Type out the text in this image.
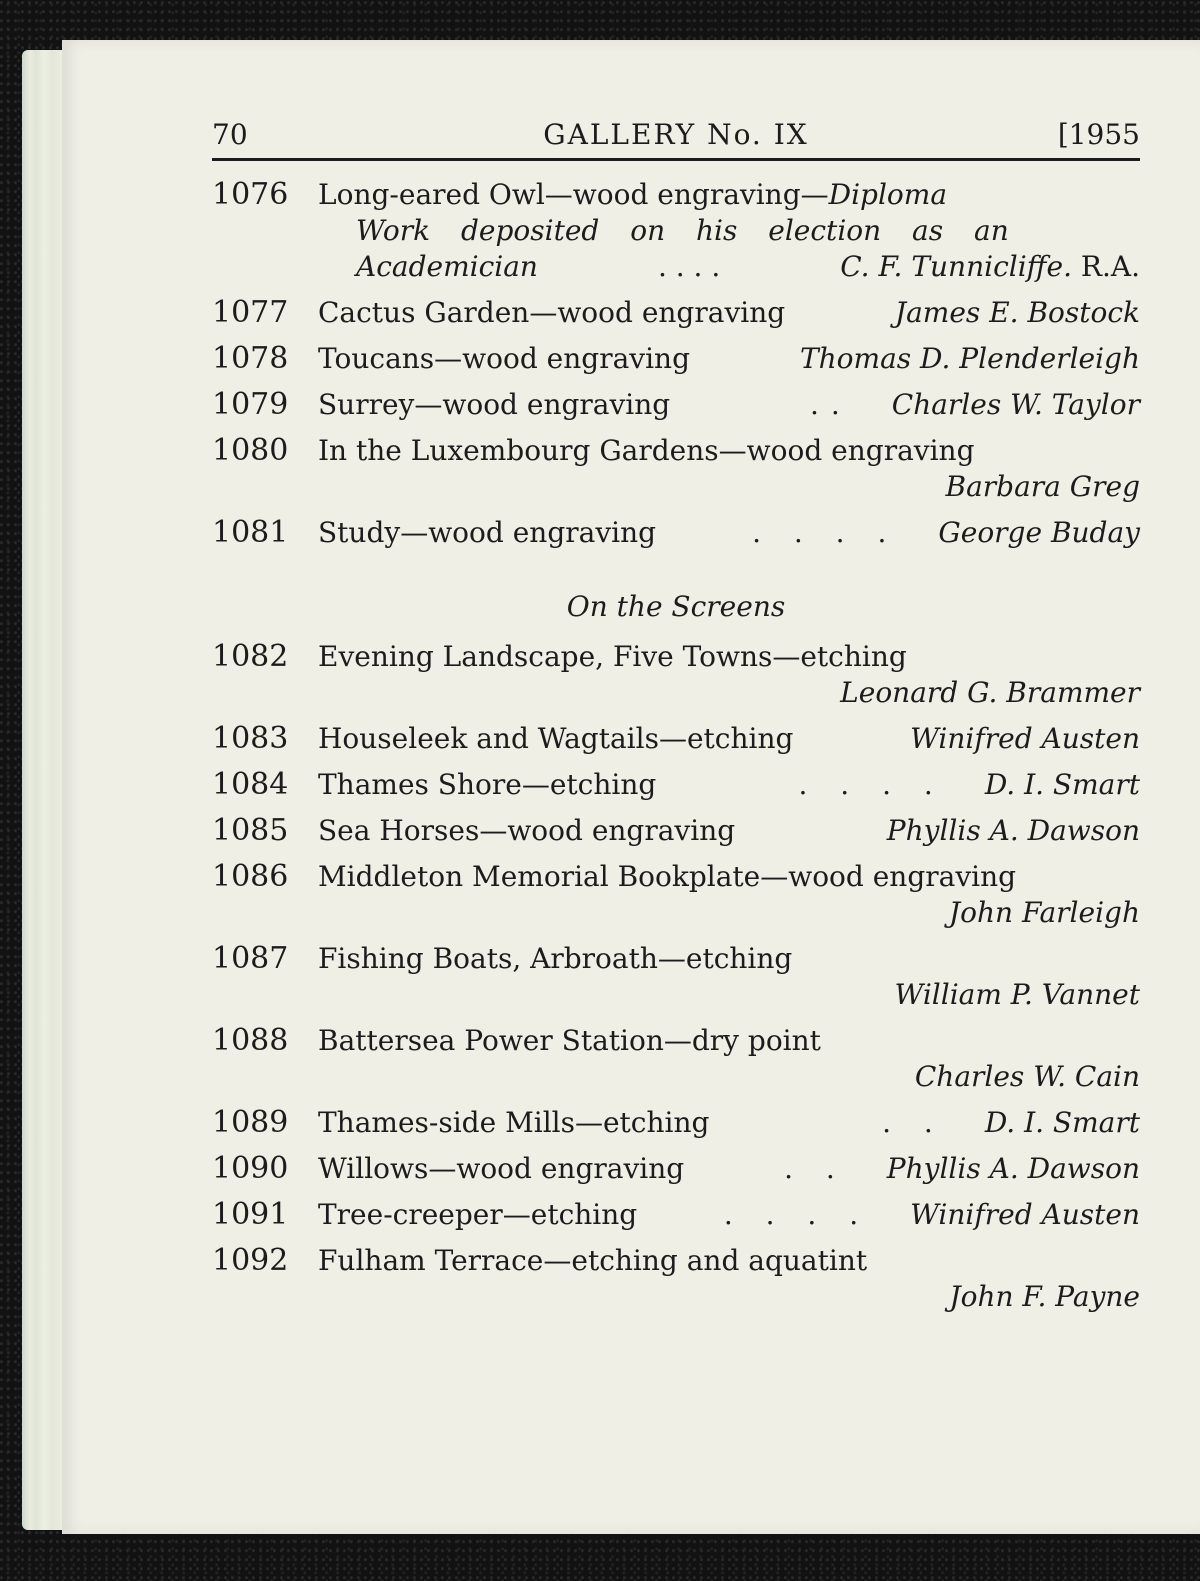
70	GALLERY No. IX	[1955
1076 Long-eared Owl—wood engraving—Diploma
Work deposited on his election as an
Academician	. . . .	C. F. Tunnicliffe. R.A.
1077 Cactus Garden—wood engraving	James E. Bostock
1078 Toucans—wood engraving	Thomas D. Plenderleigh
1079 Surrey—wood engraving	..	Charles W. Taylor
1080 In the Luxembourg Gardens—wood engraving
Barbara Greg
1081 Study—wood engraving	. . . .	George Buday
On the Screens
1082 Evening Landscape, Five Towns—etching
Leonard G. Brammer
1083 Houseleek and Wagtails—etching	Winifred Austen
1084 Thames Shore—etching	. . . .	D. I. Smart
1085 Sea Horses—wood engraving	Phyllis A. Dawson
1086 Middleton Memorial Bookplate—wood engraving
John Farleigh
1087 Fishing Boats, Arbroath—etching
William P. Vannet
1088 Battersea Power Station—dry point
Charles W. Cain
1089 Thames-side Mills—etching	. .	D. I. Smart
1090 Willows—wood engraving	. .	Phyllis A. Dawson
1091 Tree-creeper—etching	. . . .	Winifred Austen
1092 Fulham Terrace—etching and aquatint
John F. Payne
